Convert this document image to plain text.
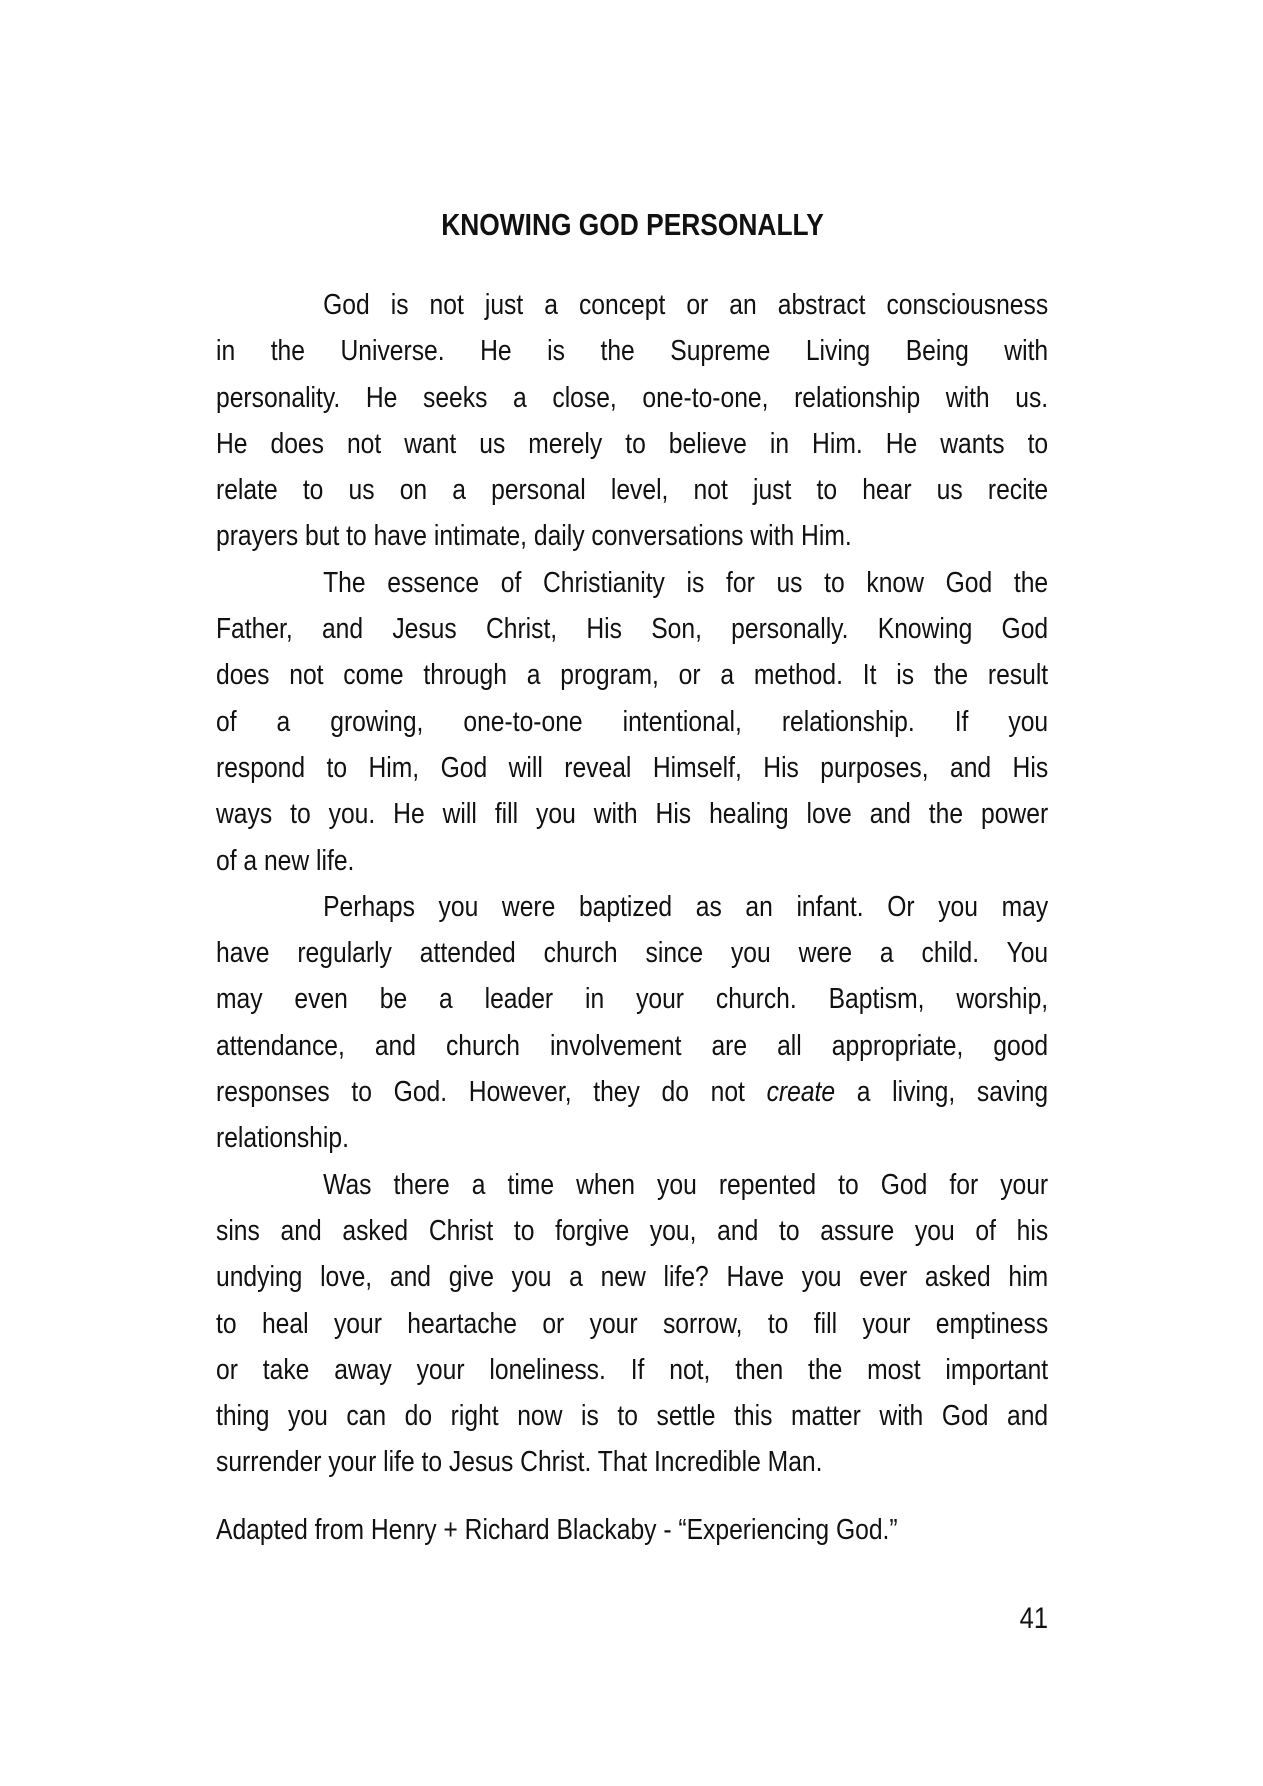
KNOWING GOD PERSONALLY
God is not just a concept or an abstract consciousness
in the Universe. He is the Supreme Living Being with
personality. He seeks a close, one-to-one, relationship with us.
He does not want us merely to believe in Him. He wants to
relate to us on a personal level, not just to hear us recite
prayers but to have intimate, daily conversations with Him.
The essence of Christianity is for us to know God the
Father, and Jesus Christ, His Son, personally. Knowing God
does not come through a program, or a method. It is the result
of a growing, one-to-one intentional, relationship. If you
respond to Him, God will reveal Himself, His purposes, and His
ways to you. He will fill you with His healing love and the power
of a new life.
Perhaps you were baptized as an infant. Or you may
have regularly attended church since you were a child. You
may even be a leader in your church. Baptism, worship,
attendance, and church involvement are all appropriate, good
responses to God. However, they do not create a living, saving
relationship.
Was there a time when you repented to God for your
sins and asked Christ to forgive you, and to assure you of his
undying love, and give you a new life? Have you ever asked him
to heal your heartache or your sorrow, to fill your emptiness
or take away your loneliness. If not, then the most important
thing you can do right now is to settle this matter with God and
surrender your life to Jesus Christ. That Incredible Man.
Adapted from Henry + Richard Blackaby - “Experiencing God.”
41
